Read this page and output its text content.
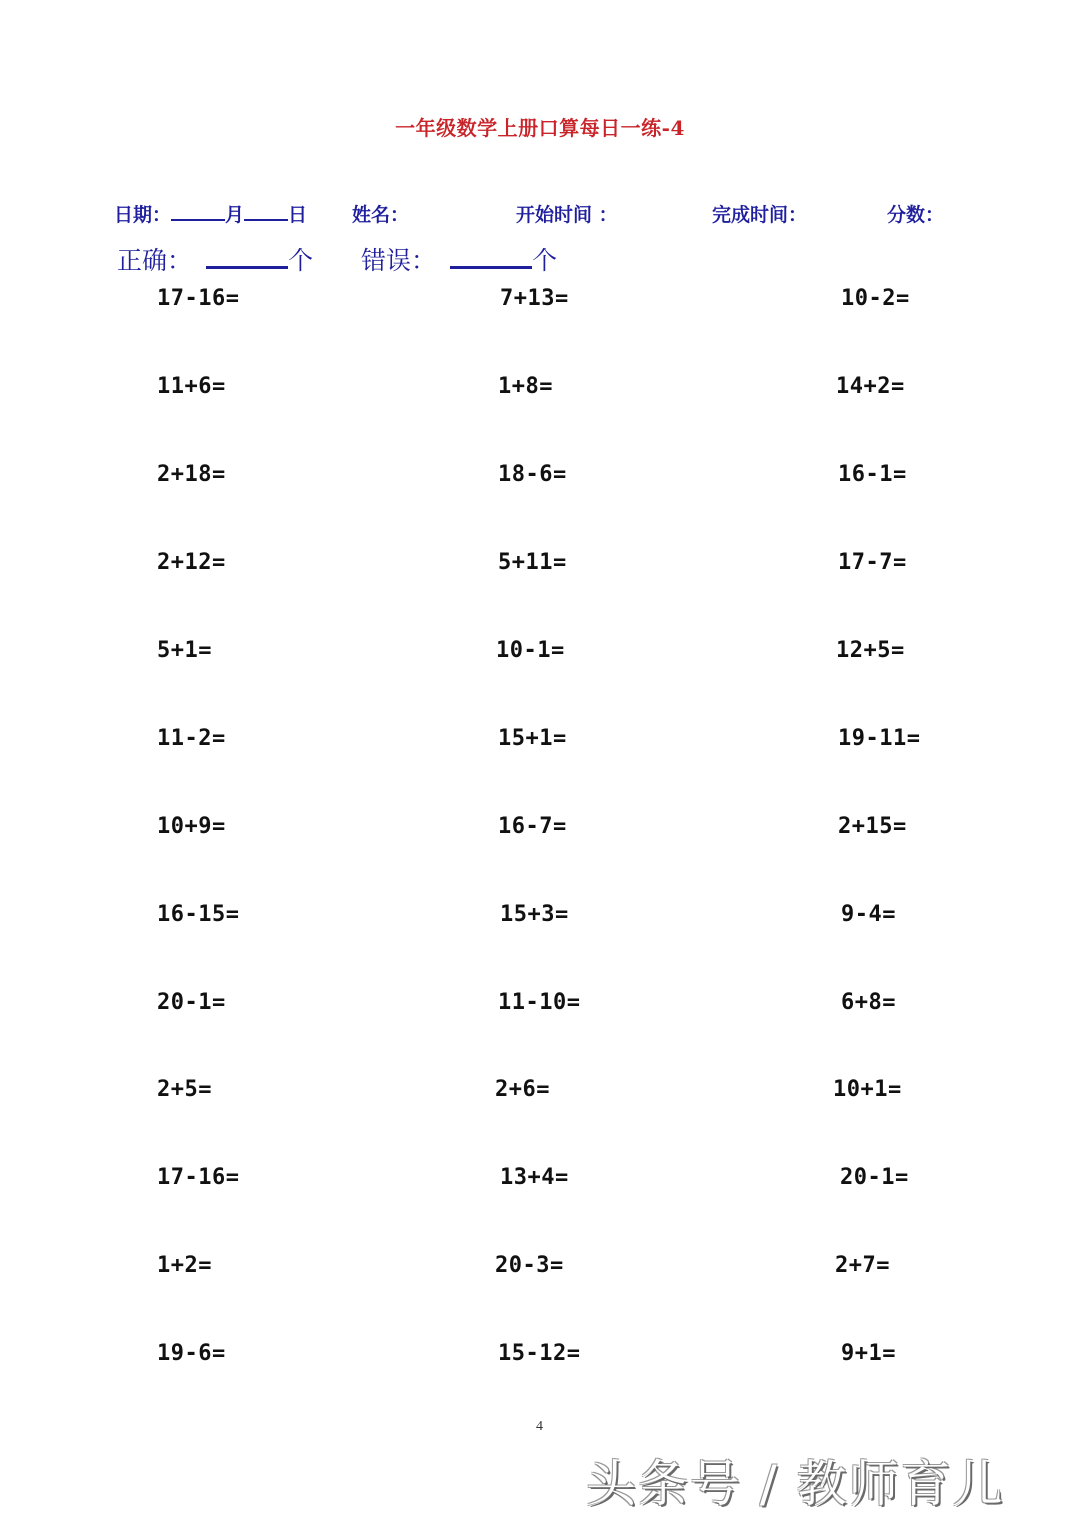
一年级数学上册口算每日一练-4
日期：	月 日 姓名：	开始时间 ：	完成时间：	分数：
正确：	个 错误：	个
17-16=	7+13=	10-2=
11+6=	1+8=	14+2=
2+18=	18-6=	16-1=
2+12=	5+11=	17-7=
5+1=	10-1=	12+5=
11-2=	15+1=	19-11=
10+9=	16-7=	2+15=
16-15=	15+3=	9-4=
20-1=	11-10=	6+8=
2+5=	2+6=	10+1=
17-16=	13+4=	20-1=
1+2=	20-3=	2+7=
19-6=	15-12=	9+1=
4
头条号 / 教师育儿
